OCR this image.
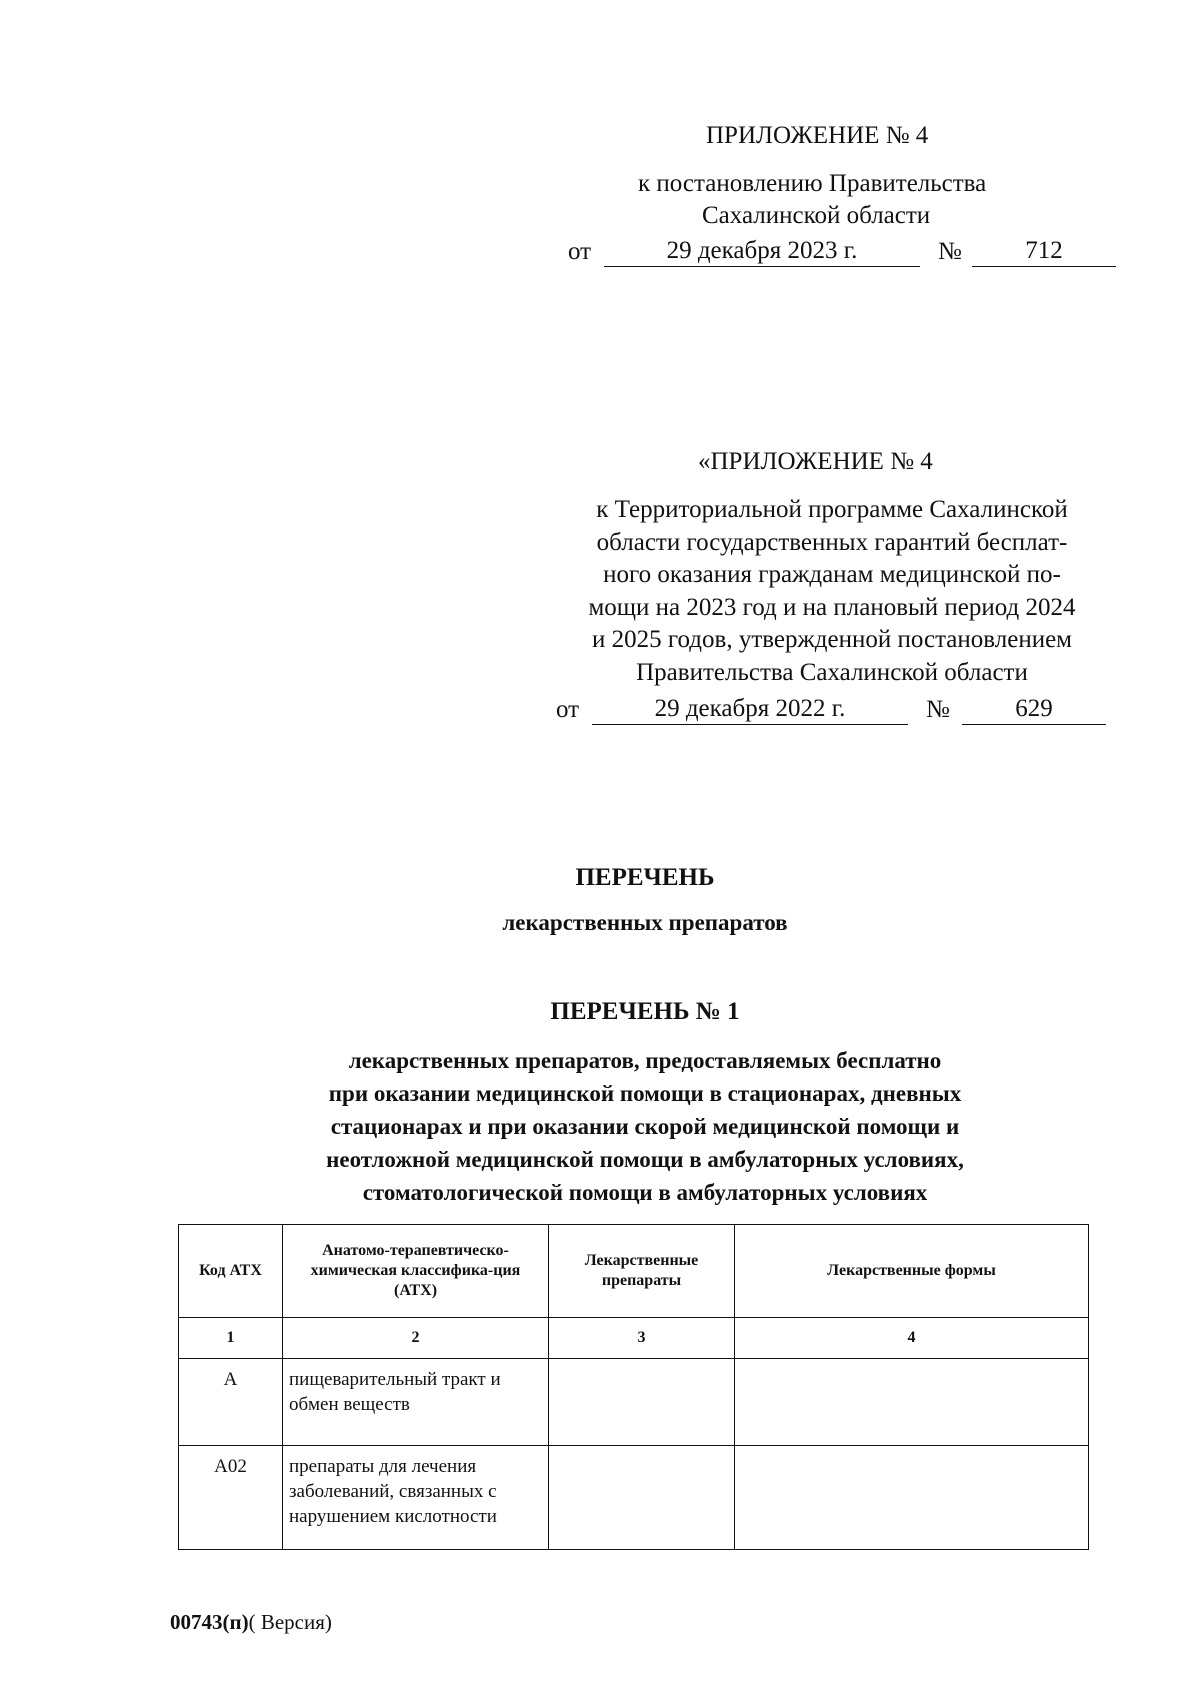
ПРИЛОЖЕНИЕ № 4
к постановлению Правительства
Сахалинской области
от	29 декабря 2023 г.	№	712
«ПРИЛОЖЕНИЕ № 4
к Территориальной программе Сахалинской
области государственных гарантий бесплат-
ного оказания гражданам медицинской по-
мощи на 2023 год и на плановый период 2024
и 2025 годов, утвержденной постановлением
Правительства Сахалинской области
от	29 декабря 2022 г.	№	629
ПЕРЕЧЕНЬ
лекарственных препаратов
ПЕРЕЧЕНЬ № 1
лекарственных препаратов, предоставляемых бесплатно
при оказании медицинской помощи в стационарах, дневных
стационарах и при оказании скорой медицинской помощи и
неотложной медицинской помощи в амбулаторных условиях,
стоматологической помощи в амбулаторных условиях
Код АТХ	Анатомо-терапевтическо-химическая классифика-ция (АТХ)	Лекарственные препараты	Лекарственные формы
1	2	3	4
А	пищеварительный тракт и обмен веществ		
А02	препараты для лечения заболеваний, связанных с нарушением кислотности		
00743(п)( Версия)
